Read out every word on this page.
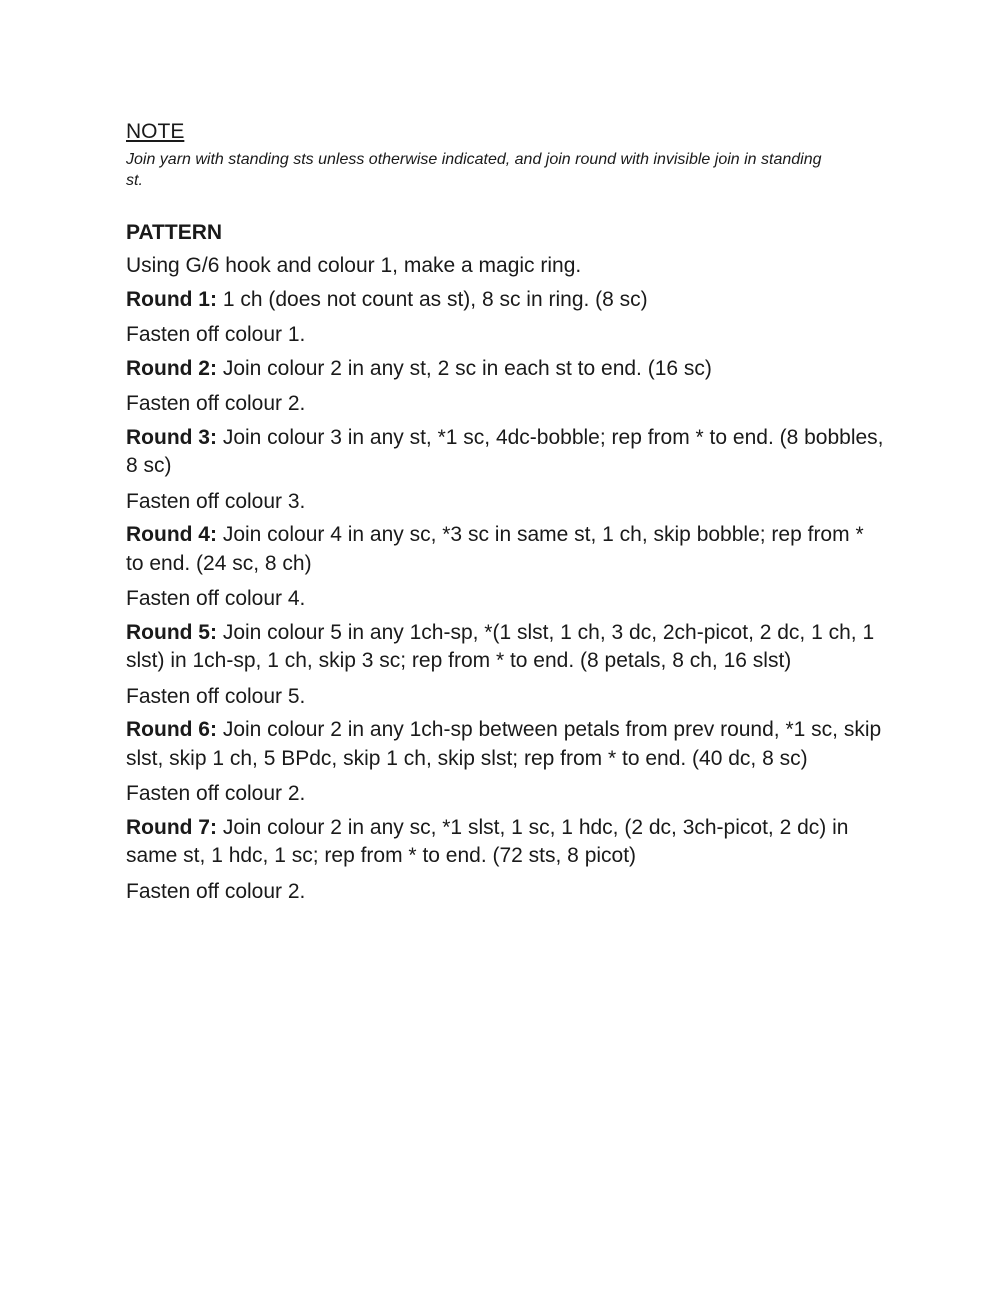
NOTE

Join yarn with standing sts unless otherwise indicated, and join round with invisible join in standing st.

PATTERN

Using G/6 hook and colour 1, make a magic ring.

Round 1: 1 ch (does not count as st), 8 sc in ring. (8 sc)

Fasten off colour 1.

Round 2: Join colour 2 in any st, 2 sc in each st to end. (16 sc)

Fasten off colour 2.

Round 3: Join colour 3 in any st, *1 sc, 4dc-bobble; rep from * to end. (8 bobbles, 8 sc)

Fasten off colour 3.

Round 4: Join colour 4 in any sc, *3 sc in same st, 1 ch, skip bobble; rep from * to end. (24 sc, 8 ch)

Fasten off colour 4.

Round 5: Join colour 5 in any 1ch-sp, *(1 slst, 1 ch, 3 dc, 2ch-picot, 2 dc, 1 ch, 1 slst) in 1ch-sp, 1 ch, skip 3 sc; rep from * to end. (8 petals, 8 ch, 16 slst)

Fasten off colour 5.

Round 6: Join colour 2 in any 1ch-sp between petals from prev round, *1 sc, skip slst, skip 1 ch, 5 BPdc, skip 1 ch, skip slst; rep from * to end. (40 dc, 8 sc)

Fasten off colour 2.

Round 7: Join colour 2 in any sc, *1 slst, 1 sc, 1 hdc, (2 dc, 3ch-picot, 2 dc) in same st, 1 hdc, 1 sc; rep from * to end. (72 sts, 8 picot)

Fasten off colour 2.
